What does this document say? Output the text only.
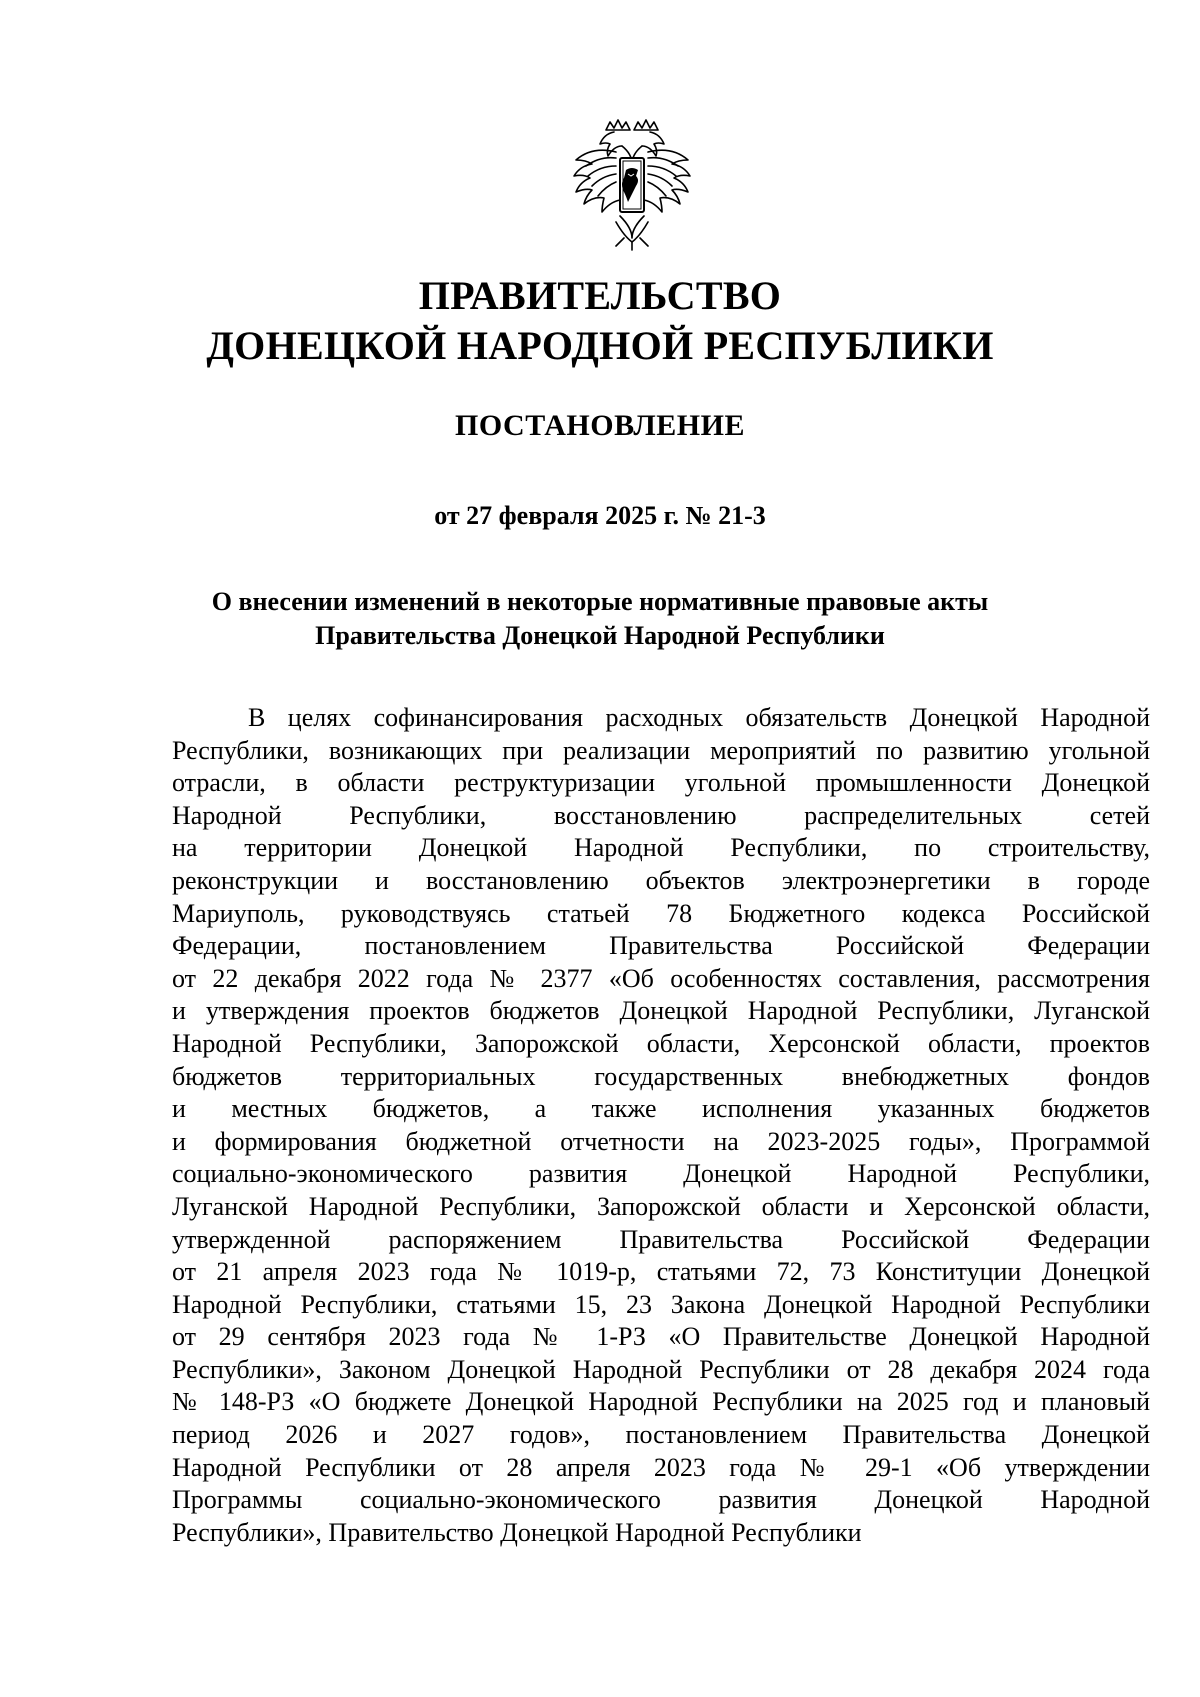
ПРАВИТЕЛЬСТВО
ДОНЕЦКОЙ НАРОДНОЙ РЕСПУБЛИКИ
ПОСТАНОВЛЕНИЕ
от 27 февраля 2025 г. № 21-3
О внесении изменений в некоторые нормативные правовые акты
Правительства Донецкой Народной Республики
В целях софинансирования расходных обязательств Донецкой Народной
Республики, возникающих при реализации мероприятий по развитию угольной
отрасли, в области реструктуризации угольной промышленности Донецкой
Народной Республики, восстановлению распределительных сетей
на территории Донецкой Народной Республики, по строительству,
реконструкции и восстановлению объектов электроэнергетики в городе
Мариуполь, руководствуясь статьей 78 Бюджетного кодекса Российской
Федерации, постановлением Правительства Российской Федерации
от 22 декабря 2022 года № 2377 «Об особенностях составления, рассмотрения
и утверждения проектов бюджетов Донецкой Народной Республики, Луганской
Народной Республики, Запорожской области, Херсонской области, проектов
бюджетов территориальных государственных внебюджетных фондов
и местных бюджетов, а также исполнения указанных бюджетов
и формирования бюджетной отчетности на 2023-2025 годы», Программой
социально-экономического развития Донецкой Народной Республики,
Луганской Народной Республики, Запорожской области и Херсонской области,
утвержденной распоряжением Правительства Российской Федерации
от 21 апреля 2023 года № 1019-р, статьями 72, 73 Конституции Донецкой
Народной Республики, статьями 15, 23 Закона Донецкой Народной Республики
от 29 сентября 2023 года № 1-РЗ «О Правительстве Донецкой Народной
Республики», Законом Донецкой Народной Республики от 28 декабря 2024 года
№ 148-РЗ «О бюджете Донецкой Народной Республики на 2025 год и плановый
период 2026 и 2027 годов», постановлением Правительства Донецкой
Народной Республики от 28 апреля 2023 года № 29-1 «Об утверждении
Программы социально-экономического развития Донецкой Народной
Республики», Правительство Донецкой Народной Республики
